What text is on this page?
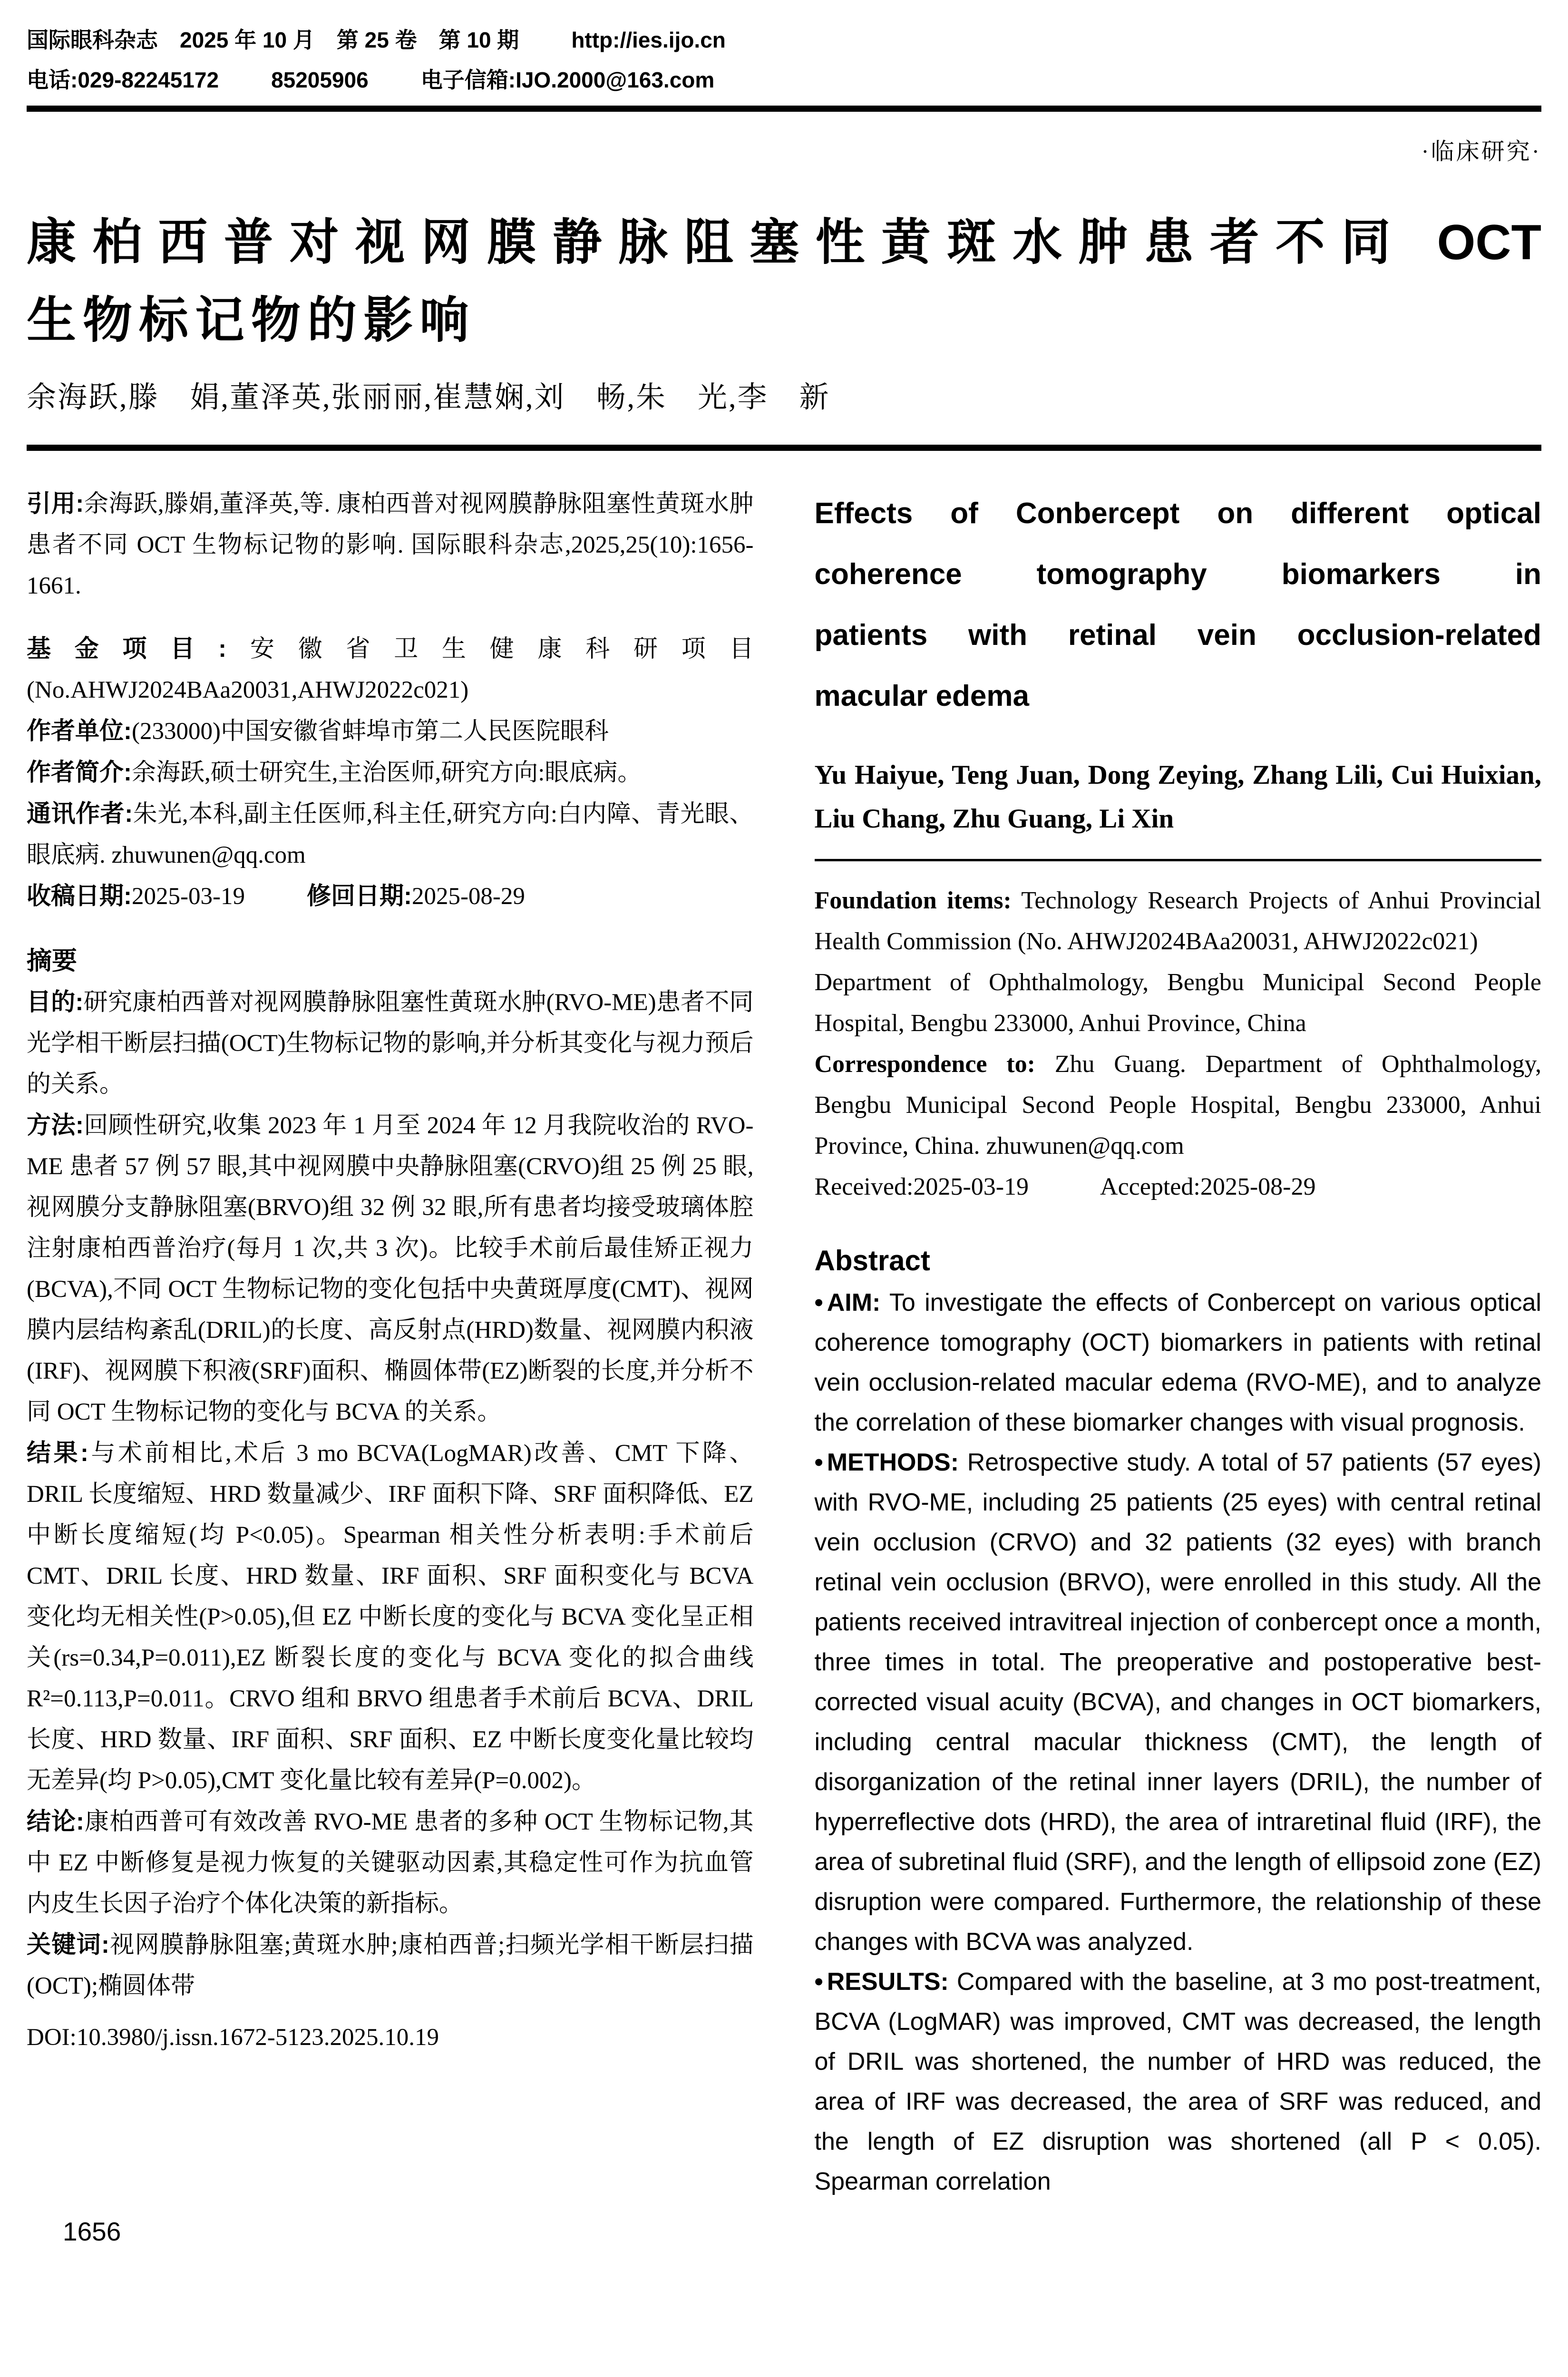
国际眼科杂志 2025 年 10 月 第 25 卷 第 10 期 http://ies.ijo.cn
电话:029-82245172 85205906 电子信箱:IJO.2000@163.com
·临床研究·
康柏西普对视网膜静脉阻塞性黄斑水肿患者不同 OCT
生物标记物的影响
余海跃,滕　娟,董泽英,张丽丽,崔慧娴,刘　畅,朱　光,李　新

引用:余海跃,滕娟,董泽英,等. 康柏西普对视网膜静脉阻塞性黄斑水肿患者不同 OCT 生物标记物的影响. 国际眼科杂志,2025,25(10):1656-1661.

基金项目:安徽省卫生健康科研项目(No.AHWJ2024BAa20031,AHWJ2022c021)

作者单位:(233000)中国安徽省蚌埠市第二人民医院眼科

作者简介:余海跃,硕士研究生,主治医师,研究方向:眼底病。

通讯作者:朱光,本科,副主任医师,科主任,研究方向:白内障、青光眼、眼底病. zhuwunen@qq.com

收稿日期:2025-03-19	修回日期:2025-08-29

摘要

目的:研究康柏西普对视网膜静脉阻塞性黄斑水肿(RVO-ME)患者不同光学相干断层扫描(OCT)生物标记物的影响,并分析其变化与视力预后的关系。

方法:回顾性研究,收集 2023 年 1 月至 2024 年 12 月我院收治的 RVO-ME 患者 57 例 57 眼,其中视网膜中央静脉阻塞(CRVO)组 25 例 25 眼,视网膜分支静脉阻塞(BRVO)组 32 例 32 眼,所有患者均接受玻璃体腔注射康柏西普治疗(每月 1 次,共 3 次)。比较手术前后最佳矫正视力(BCVA),不同 OCT 生物标记物的变化包括中央黄斑厚度(CMT)、视网膜内层结构紊乱(DRIL)的长度、高反射点(HRD)数量、视网膜内积液(IRF)、视网膜下积液(SRF)面积、椭圆体带(EZ)断裂的长度,并分析不同 OCT 生物标记物的变化与 BCVA 的关系。

结果:与术前相比,术后 3 mo BCVA(LogMAR)改善、CMT 下降、DRIL 长度缩短、HRD 数量减少、IRF 面积下降、SRF 面积降低、EZ 中断长度缩短(均 P<0.05)。Spearman 相关性分析表明:手术前后 CMT、DRIL 长度、HRD 数量、IRF 面积、SRF 面积变化与 BCVA 变化均无相关性(P>0.05),但 EZ 中断长度的变化与 BCVA 变化呈正相关(rs=0.34,P=0.011),EZ 断裂长度的变化与 BCVA 变化的拟合曲线 R²=0.113,P=0.011。CRVO 组和 BRVO 组患者手术前后 BCVA、DRIL 长度、HRD 数量、IRF 面积、SRF 面积、EZ 中断长度变化量比较均无差异(均 P>0.05),CMT 变化量比较有差异(P=0.002)。

结论:康柏西普可有效改善 RVO-ME 患者的多种 OCT 生物标记物,其中 EZ 中断修复是视力恢复的关键驱动因素,其稳定性可作为抗血管内皮生长因子治疗个体化决策的新指标。

关键词:视网膜静脉阻塞;黄斑水肿;康柏西普;扫频光学相干断层扫描(OCT);椭圆体带

DOI:10.3980/j.issn.1672-5123.2025.10.19

Effects of Conbercept on different optical
coherence tomography biomarkers in
patients with retinal vein occlusion-related
macular edema
Yu Haiyue, Teng Juan, Dong Zeying, Zhang Lili, Cui Huixian, Liu Chang, Zhu Guang, Li Xin

Foundation items: Technology Research Projects of Anhui Provincial Health Commission (No. AHWJ2024BAa20031, AHWJ2022c021)

Department of Ophthalmology, Bengbu Municipal Second People Hospital, Bengbu 233000, Anhui Province, China

Correspondence to: Zhu Guang. Department of Ophthalmology, Bengbu Municipal Second People Hospital, Bengbu 233000, Anhui Province, China. zhuwunen@qq.com

Received:2025-03-19	Accepted:2025-08-29

Abstract

• AIM: To investigate the effects of Conbercept on various optical coherence tomography (OCT) biomarkers in patients with retinal vein occlusion-related macular edema (RVO-ME), and to analyze the correlation of these biomarker changes with visual prognosis.

• METHODS: Retrospective study. A total of 57 patients (57 eyes) with RVO-ME, including 25 patients (25 eyes) with central retinal vein occlusion (CRVO) and 32 patients (32 eyes) with branch retinal vein occlusion (BRVO), were enrolled in this study. All the patients received intravitreal injection of conbercept once a month, three times in total. The preoperative and postoperative best-corrected visual acuity (BCVA), and changes in OCT biomarkers, including central macular thickness (CMT), the length of disorganization of the retinal inner layers (DRIL), the number of hyperreflective dots (HRD), the area of intraretinal fluid (IRF), the area of subretinal fluid (SRF), and the length of ellipsoid zone (EZ) disruption were compared. Furthermore, the relationship of these changes with BCVA was analyzed.

• RESULTS: Compared with the baseline, at 3 mo post-treatment, BCVA (LogMAR) was improved, CMT was decreased, the length of DRIL was shortened, the number of HRD was reduced, the area of IRF was decreased, the area of SRF was reduced, and the length of EZ disruption was shortened (all P < 0.05). Spearman correlation

1656
